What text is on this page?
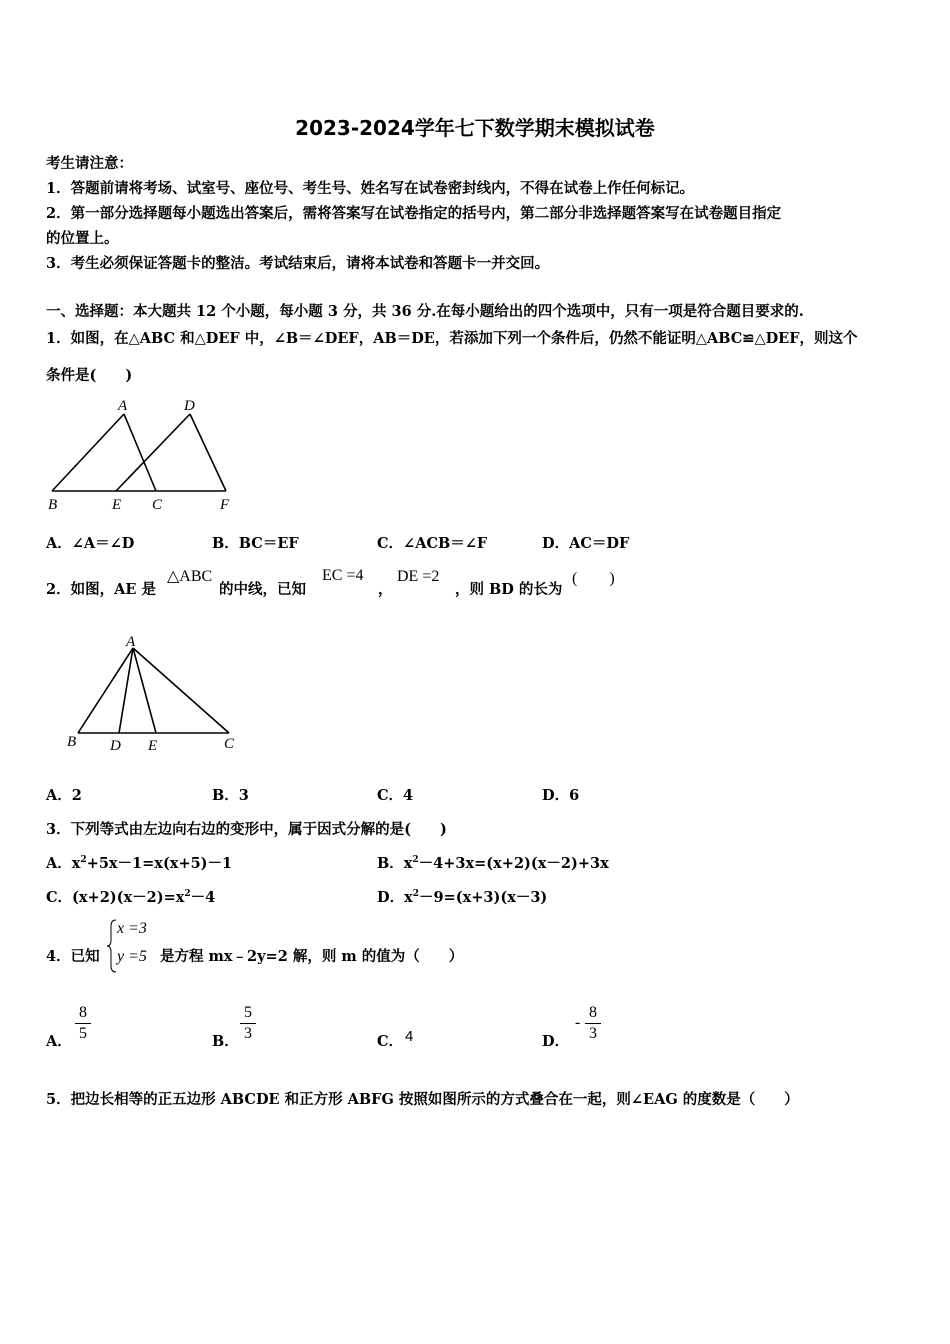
2023-2024学年七下数学期末模拟试卷
考生请注意：
1．答题前请将考场、试室号、座位号、考生号、姓名写在试卷密封线内，不得在试卷上作任何标记。
2．第一部分选择题每小题选出答案后，需将答案写在试卷指定的括号内，第二部分非选择题答案写在试卷题目指定
的位置上。
3．考生必须保证答题卡的整洁。考试结束后，请将本试卷和答题卡一并交回。
一、选择题：本大题共 12 个小题，每小题 3 分，共 36 分.在每小题给出的四个选项中，只有一项是符合题目要求的.
1．如图，在△ABC 和△DEF 中，∠B＝∠DEF，AB＝DE，若添加下列一个条件后，仍然不能证明△ABC≌△DEF，则这个
条件是(　　)
A	D
B	E C	F
A．∠A＝∠D	B．BC＝EF	C．∠ACB＝∠F	D．AC＝DF
2．如图，AE 是
△ABC
的中线，已知
EC =4
，
DE =2
，则 BD 的长为
(　　)
A
B D E	C
A．2	B．3	C．4	D．6
3．下列等式由左边向右边的变形中，属于因式分解的是(　　)
A．$x^2+5x-1=x(x+5)-1$	B．$x^2-4+3x=(x+2)(x-2)+3x$
C．$(x+2)(x-2)=x^2-4$	D．$x^2-9=(x+3)(x-3)$
4．已知
x =3
y =5 是方程 mx﹣2y=2 解，则 m 的值为（　　）
A．
8
5	B．
5
3	C． 4	D．
-
8
3
5．把边长相等的正五边形 ABCDE 和正方形 ABFG 按照如图所示的方式叠合在一起，则∠EAG 的度数是（　　）
